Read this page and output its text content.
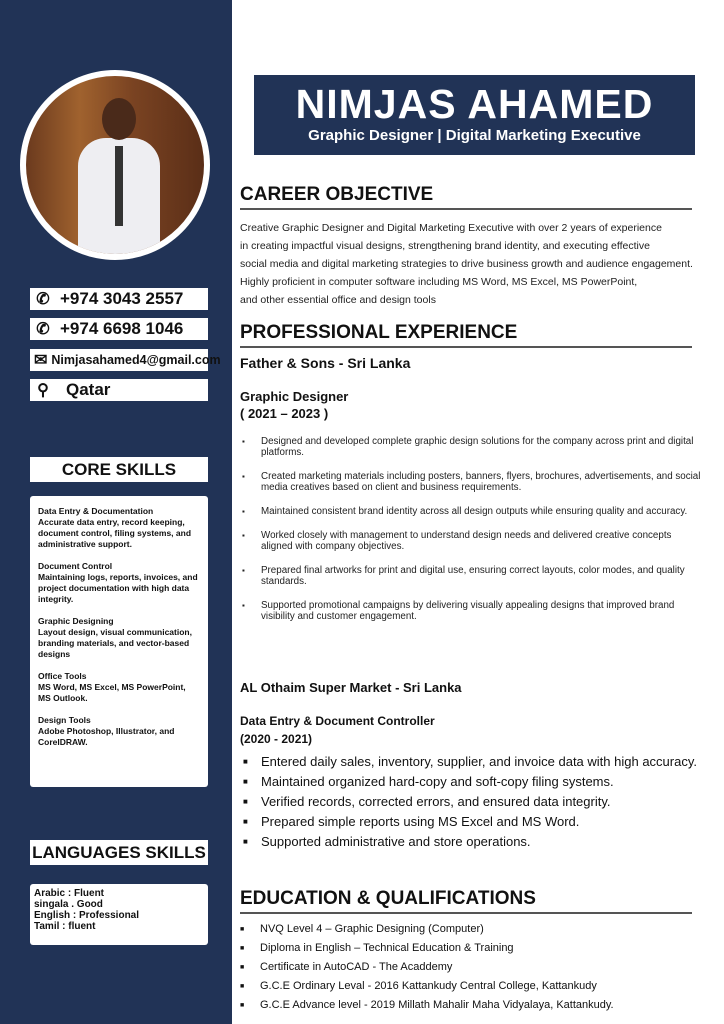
✆ +974 3043 2557
✆ +974 6698 1046
✉ Nimjasahamed4@gmail.com
⚲ Qatar
CORE SKILLS
Data Entry & Documentation
Accurate data entry, record keeping, document control, filing systems, and administrative support.
Document Control
Maintaining logs, reports, invoices, and project documentation with high data integrity.
Graphic Designing
Layout design, visual communication, branding materials, and vector-based designs
Office Tools
MS Word, MS Excel, MS PowerPoint, MS Outlook.
Design Tools
Adobe Photoshop, Illustrator, and CorelDRAW.
LANGUAGES SKILLS
Arabic : Fluent
singala . Good
English : Professional
Tamil : fluent
NIMJAS AHAMED
Graphic Designer | Digital Marketing Executive
CAREER OBJECTIVE
Creative Graphic Designer and Digital Marketing Executive with over 2 years of experience
in creating impactful visual designs, strengthening brand identity, and executing effective
social media and digital marketing strategies to drive business growth and audience engagement.
Highly proficient in computer software including MS Word, MS Excel, MS PowerPoint,
and other essential office and design tools
PROFESSIONAL EXPERIENCE
Father & Sons - Sri Lanka
Graphic Designer
( 2021 – 2023 )
▪ Designed and developed complete graphic design solutions for the company across print and digital platforms.
▪ Created marketing materials including posters, banners, flyers, brochures, advertisements, and social media creatives based on client and business requirements.
▪ Maintained consistent brand identity across all design outputs while ensuring quality and accuracy.
▪ Worked closely with management to understand design needs and delivered creative concepts aligned with company objectives.
▪ Prepared final artworks for print and digital use, ensuring correct layouts, color modes, and quality standards.
▪ Supported promotional campaigns by delivering visually appealing designs that improved brand visibility and customer engagement.
AL Othaim Super Market - Sri Lanka
Data Entry & Document Controller
(2020 - 2021)
■ Entered daily sales, inventory, supplier, and invoice data with high accuracy.
■ Maintained organized hard-copy and soft-copy filing systems.
■ Verified records, corrected errors, and ensured data integrity.
■ Prepared simple reports using MS Excel and MS Word.
■ Supported administrative and store operations.
EDUCATION & QUALIFICATIONS
■ NVQ Level 4 – Graphic Designing (Computer)
■ Diploma in English – Technical Education & Training
■ Certificate in AutoCAD - The Acaddemy
■ G.C.E Ordinary Leval - 2016 Kattankudy Central College, Kattankudy
■ G.C.E Advance level - 2019 Millath Mahalir Maha Vidyalaya, Kattankudy.
